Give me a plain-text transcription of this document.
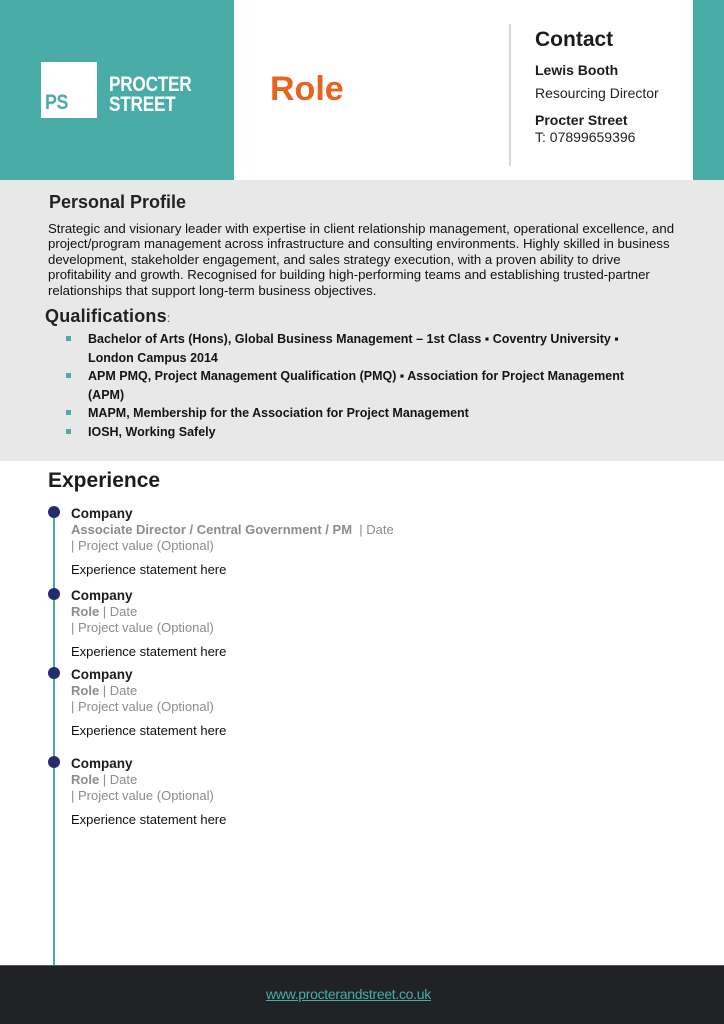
PS
PROCTER
STREET	Role
Contact
Lewis Booth
Resourcing Director
Procter Street
T: 07899659396
Personal Profile

Strategic and visionary leader with expertise in client relationship management, operational excellence, and project/program management across infrastructure and consulting environments. Highly skilled in business development, stakeholder engagement, and sales strategy execution, with a proven ability to drive profitability and growth. Recognised for building high-performing teams and establishing trusted-partner relationships that support long-term business objectives.

Qualifications:
Bachelor of Arts (Hons), Global Business Management – 1st Class ▪ Coventry University ▪ London Campus 2014
APM PMQ, Project Management Qualification (PMQ) ▪ Association for Project Management (APM)
MAPM, Membership for the Association for Project Management
IOSH, Working Safely
Experience
Company
Associate Director / Central Government / PM  | Date
| Project value (Optional)
Experience statement here
Company
Role | Date
| Project value (Optional)
Experience statement here
Company
Role | Date
| Project value (Optional)
Experience statement here
Company
Role | Date
| Project value (Optional)
Experience statement here
www.procterandstreet.co.uk
